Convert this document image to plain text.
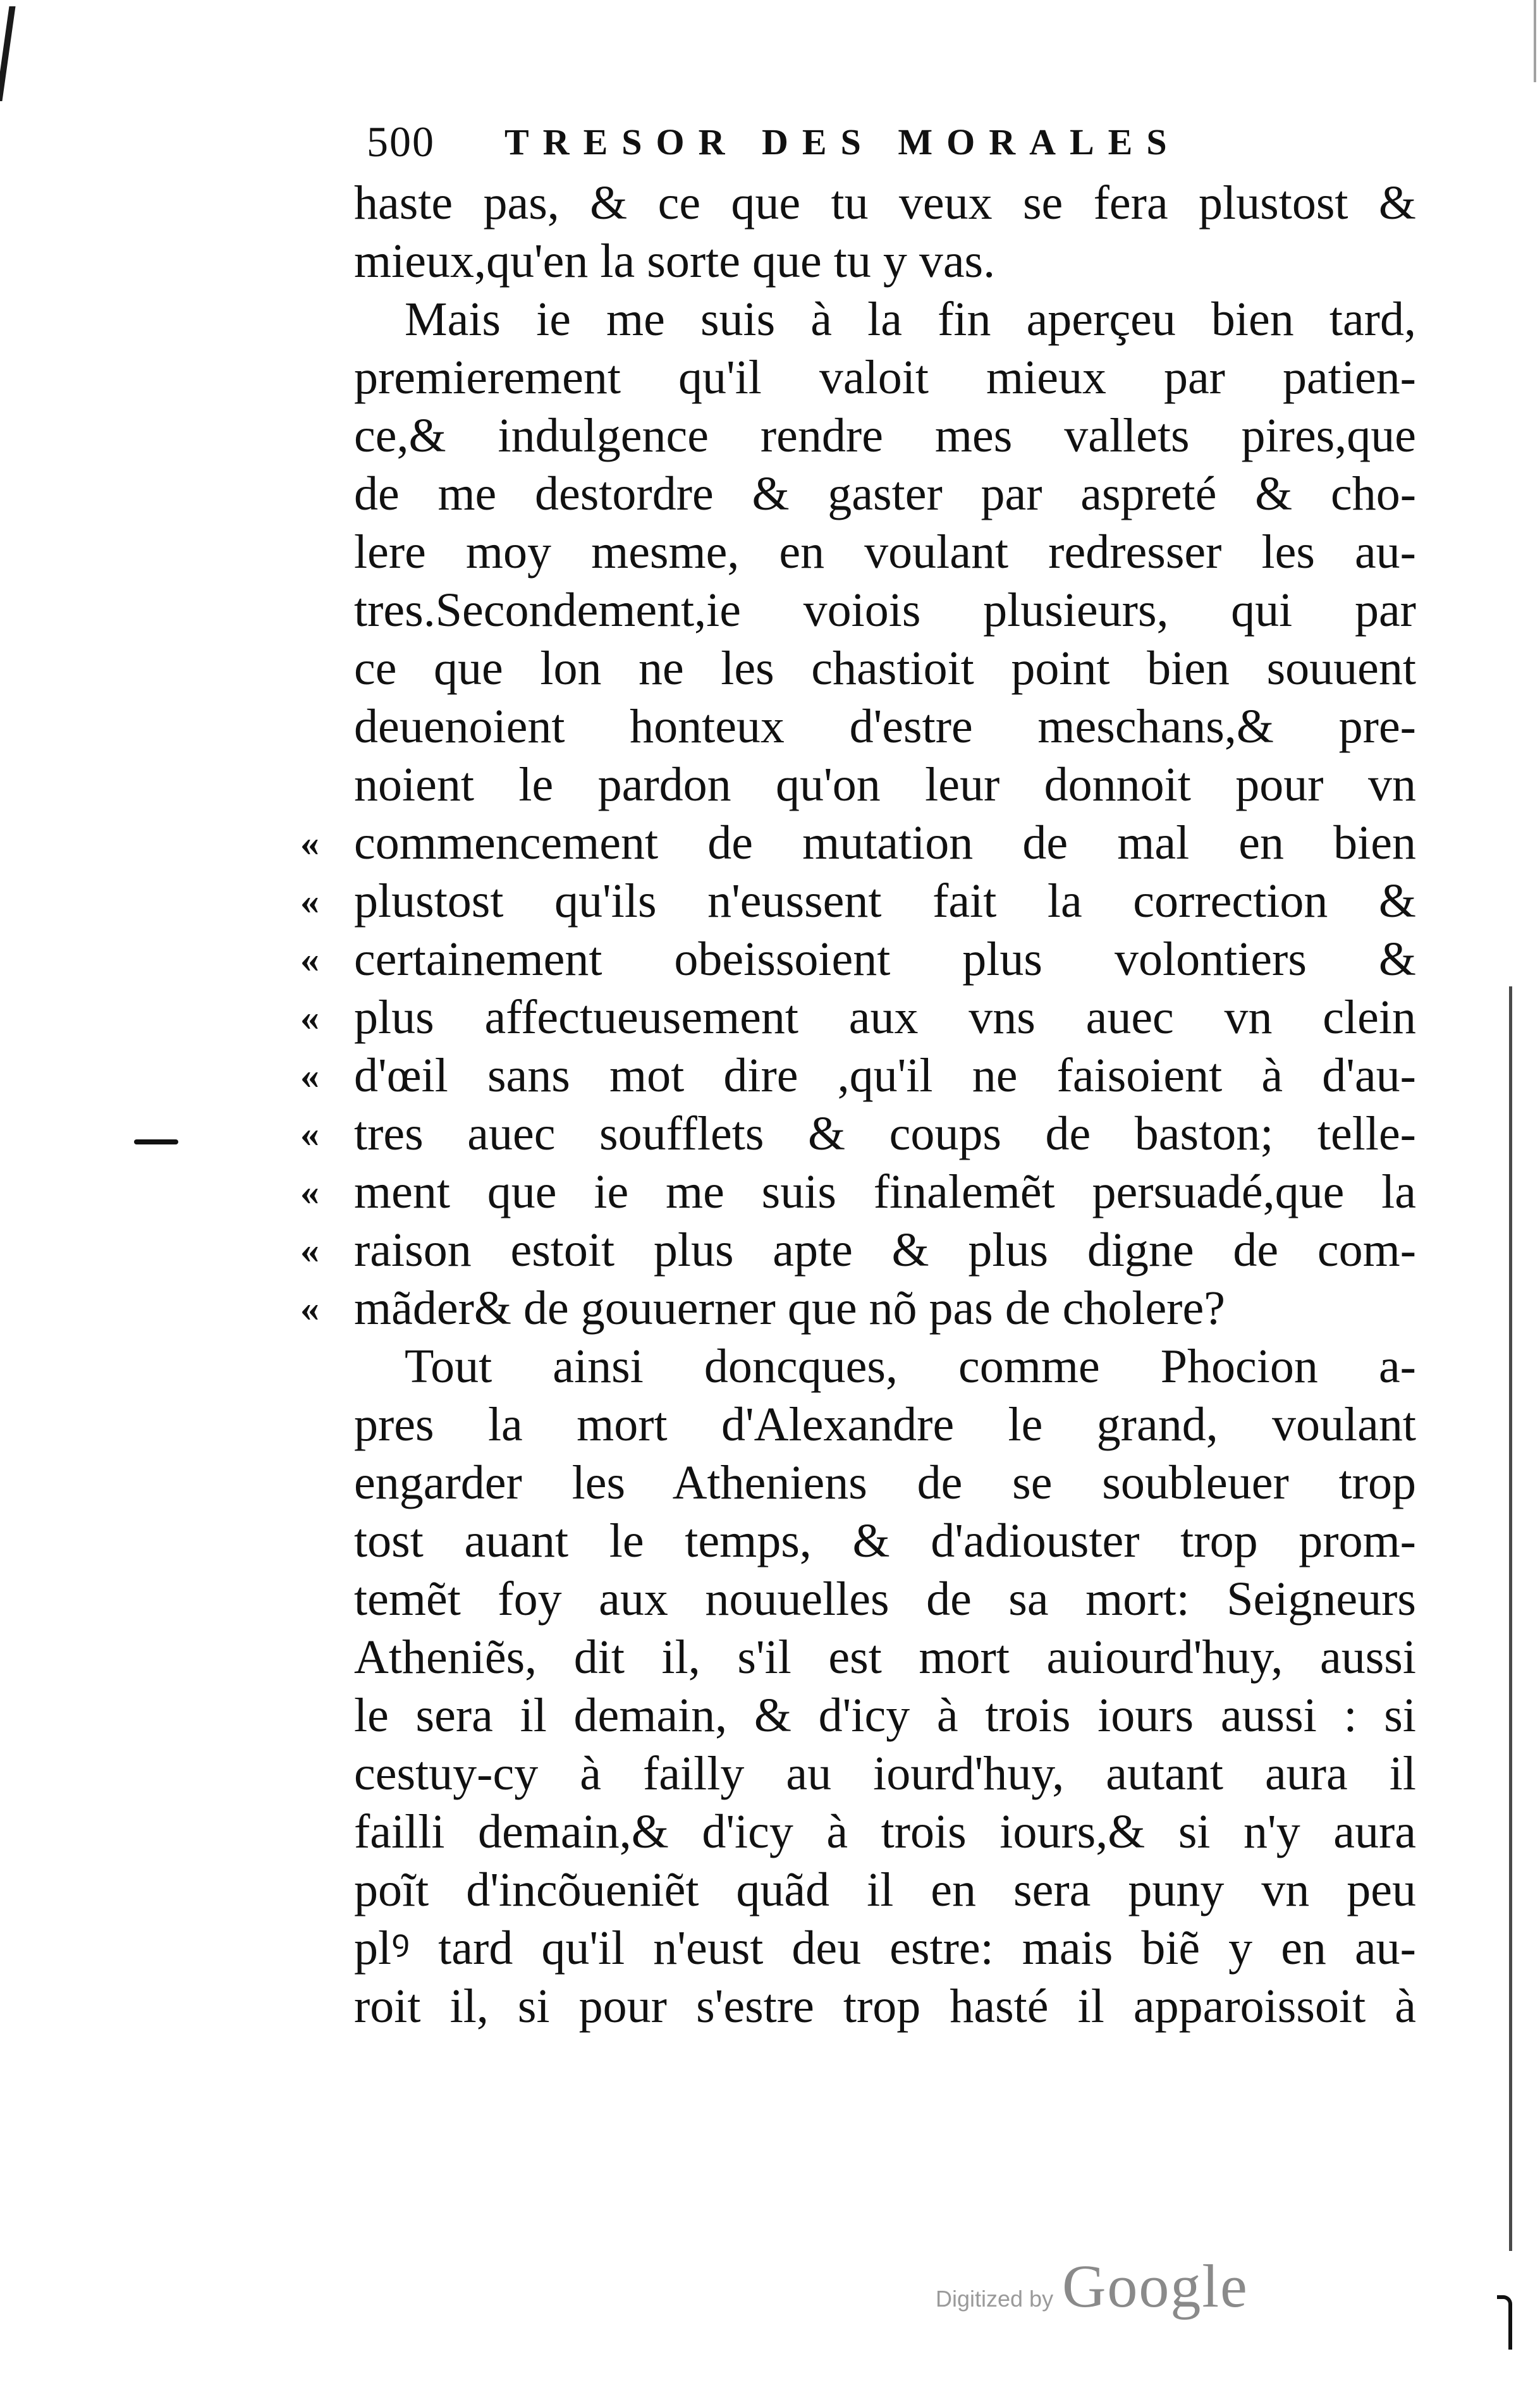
500 TRESOR DES MORALES
haste pas, & ce que tu veux se fera plustost &
mieux,qu'en la sorte que tu y vas.
Mais ie me suis à la fin aperçeu bien tard,
premierement qu'il valoit mieux par patien-
ce,& indulgence rendre mes vallets pires,que
de me destordre & gaster par aspreté & cho-
lere moy mesme, en voulant redresser les au-
tres.Secondement,ie voiois plusieurs, qui par
ce que lon ne les chastioit point bien souuent
deuenoient honteux d'estre meschans,& pre-
noient le pardon qu'on leur donnoit pour vn
« commencement de mutation de mal en bien
« plustost qu'ils n'eussent fait la correction &
« certainement obeissoient plus volontiers &
« plus affectueusement aux vns auec vn clein
« d'œil sans mot dire ,qu'il ne faisoient à d'au-
« tres auec soufflets & coups de baston; telle-
« ment que ie me suis finalemẽt persuadé,que la
« raison estoit plus apte & plus digne de com-
« mãder& de gouuerner que nõ pas de cholere?
Tout ainsi doncques, comme Phocion a-
pres la mort d'Alexandre le grand, voulant
engarder les Atheniens de se soubleuer trop
tost auant le temps, & d'adiouster trop prom-
temẽt foy aux nouuelles de sa mort: Seigneurs
Atheniẽs, dit il, s'il est mort auiourd'huy, aussi
le sera il demain, & d'icy à trois iours aussi : si
cestuy-cy à failly au iourd'huy, autant aura il
failli demain,& d'icy à trois iours,& si n'y aura
poĩt d'incõueniẽt quãd il en sera puny vn peu
plꝰ tard qu'il n'eust deu estre: mais biẽ y en au-
roit il, si pour s'estre trop hasté il apparoissoit à
Digitized by Google
